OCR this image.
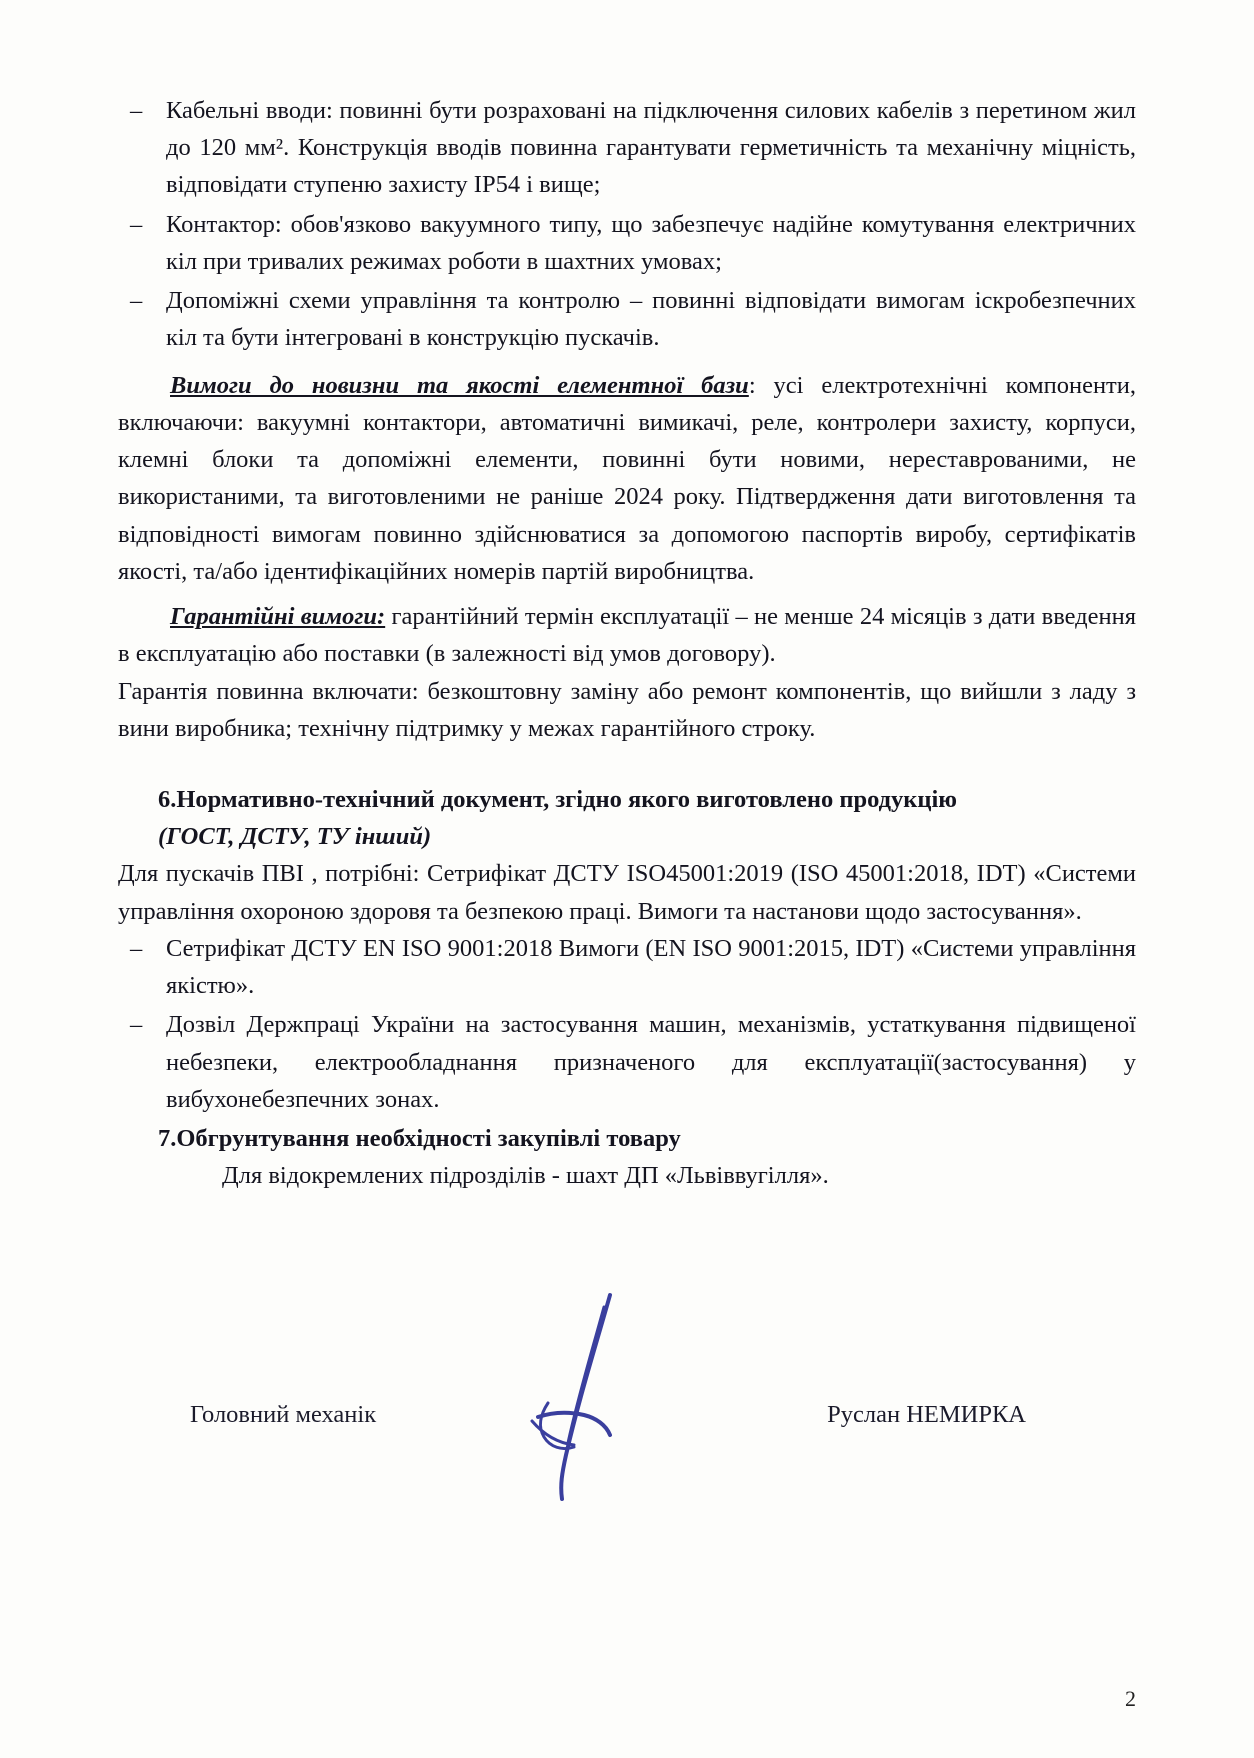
– Кабельні вводи: повинні бути розраховані на підключення силових кабелів з перетином жил до 120 мм². Конструкція вводів повинна гарантувати герметичність та механічну міцність, відповідати ступеню захисту IP54 і вище;
– Контактор: обов'язково вакуумного типу, що забезпечує надійне комутування електричних кіл при тривалих режимах роботи в шахтних умовах;
– Допоміжні схеми управління та контролю – повинні відповідати вимогам іскробезпечних кіл та бути інтегровані в конструкцію пускачів.

Вимоги до новизни та якості елементної бази: усі електротехнічні компоненти, включаючи: вакуумні контактори, автоматичні вимикачі, реле, контролери захисту, корпуси, клемні блоки та допоміжні елементи, повинні бути новими, нереставрованими, не використаними, та виготовленими не раніше 2024 року. Підтвердження дати виготовлення та відповідності вимогам повинно здійснюватися за допомогою паспортів виробу, сертифікатів якості, та/або ідентифікаційних номерів партій виробництва.

Гарантійні вимоги: гарантійний термін експлуатації – не менше 24 місяців з дати введення в експлуатацію або поставки (в залежності від умов договору).

Гарантія повинна включати: безкоштовну заміну або ремонт компонентів, що вийшли з ладу з вини виробника; технічну підтримку у межах гарантійного строку.

6.Нормативно-технічний документ, згідно якого виготовлено продукцію

(ГОСТ, ДСТУ, ТУ інший)

Для пускачів ПВІ , потрібні: Сетрифікат ДСТУ ISO45001:2019 (ISO 45001:2018, IDT) «Системи управління охороною здоровя та безпекою праці. Вимоги та настанови щодо застосування».

– Сетрифікат ДСТУ EN ISO 9001:2018 Вимоги (EN ISO 9001:2015, IDT) «Системи управління якістю».
– Дозвіл Держпраці України на застосування машин, механізмів, устаткування підвищеної небезпеки, електрообладнання призначеного для експлуатації(застосування) у вибухонебезпечних зонах.

7.Обгрунтування необхідності закупівлі товару

Для відокремлених підрозділів - шахт ДП «Львіввугілля».

Головний механік	Руслан НЕМИРКА
2
